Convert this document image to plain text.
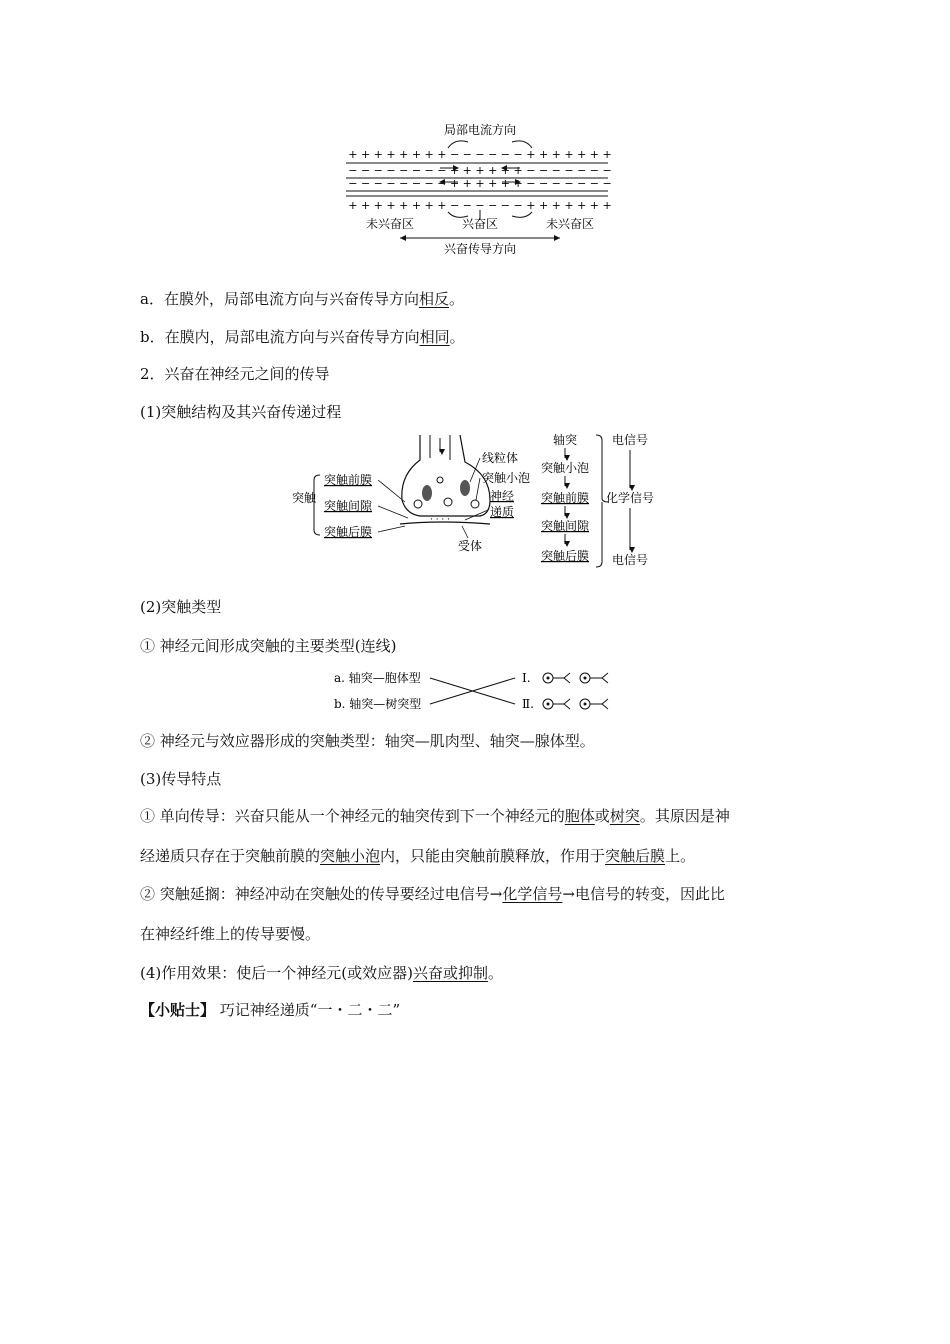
局部电流方向
+ + + + + + + + − − − − − − + + + + + + +
− − − − − − − − + + + + + + − − − − − − −
− − − − − − − − + + + + + + − − − − − − −
+ + + + + + + + − − − − − − + + + + + + +
未兴奋区	兴奋区	未兴奋区
兴奋传导方向
a．在膜外，局部电流方向与兴奋传导方向相反。
b．在膜内，局部电流方向与兴奋传导方向相同。
2．兴奋在神经元之间的传导
(1)突触结构及其兴奋传递过程
突触
突触前膜
突触间隙
突触后膜
· · · ·
线粒体
突触小泡
神经
递质
受体
轴突
突触小泡
突触前膜
突触间隙
突触后膜
电信号
化学信号
电信号
(2)突触类型
① 神经元间形成突触的主要类型(连线)
a. 轴突—胞体型
b. 轴突—树突型
Ⅰ.
Ⅱ.
② 神经元与效应器形成的突触类型：轴突—肌肉型、轴突—腺体型。
(3)传导特点
① 单向传导：兴奋只能从一个神经元的轴突传到下一个神经元的胞体或树突。其原因是神
经递质只存在于突触前膜的突触小泡内，只能由突触前膜释放，作用于突触后膜上。
② 突触延搁：神经冲动在突触处的传导要经过电信号→化学信号→电信号的转变，因此比
在神经纤维上的传导要慢。
(4)作用效果：使后一个神经元(或效应器)兴奋或抑制。
【小贴士】 巧记神经递质“一・二・二”
